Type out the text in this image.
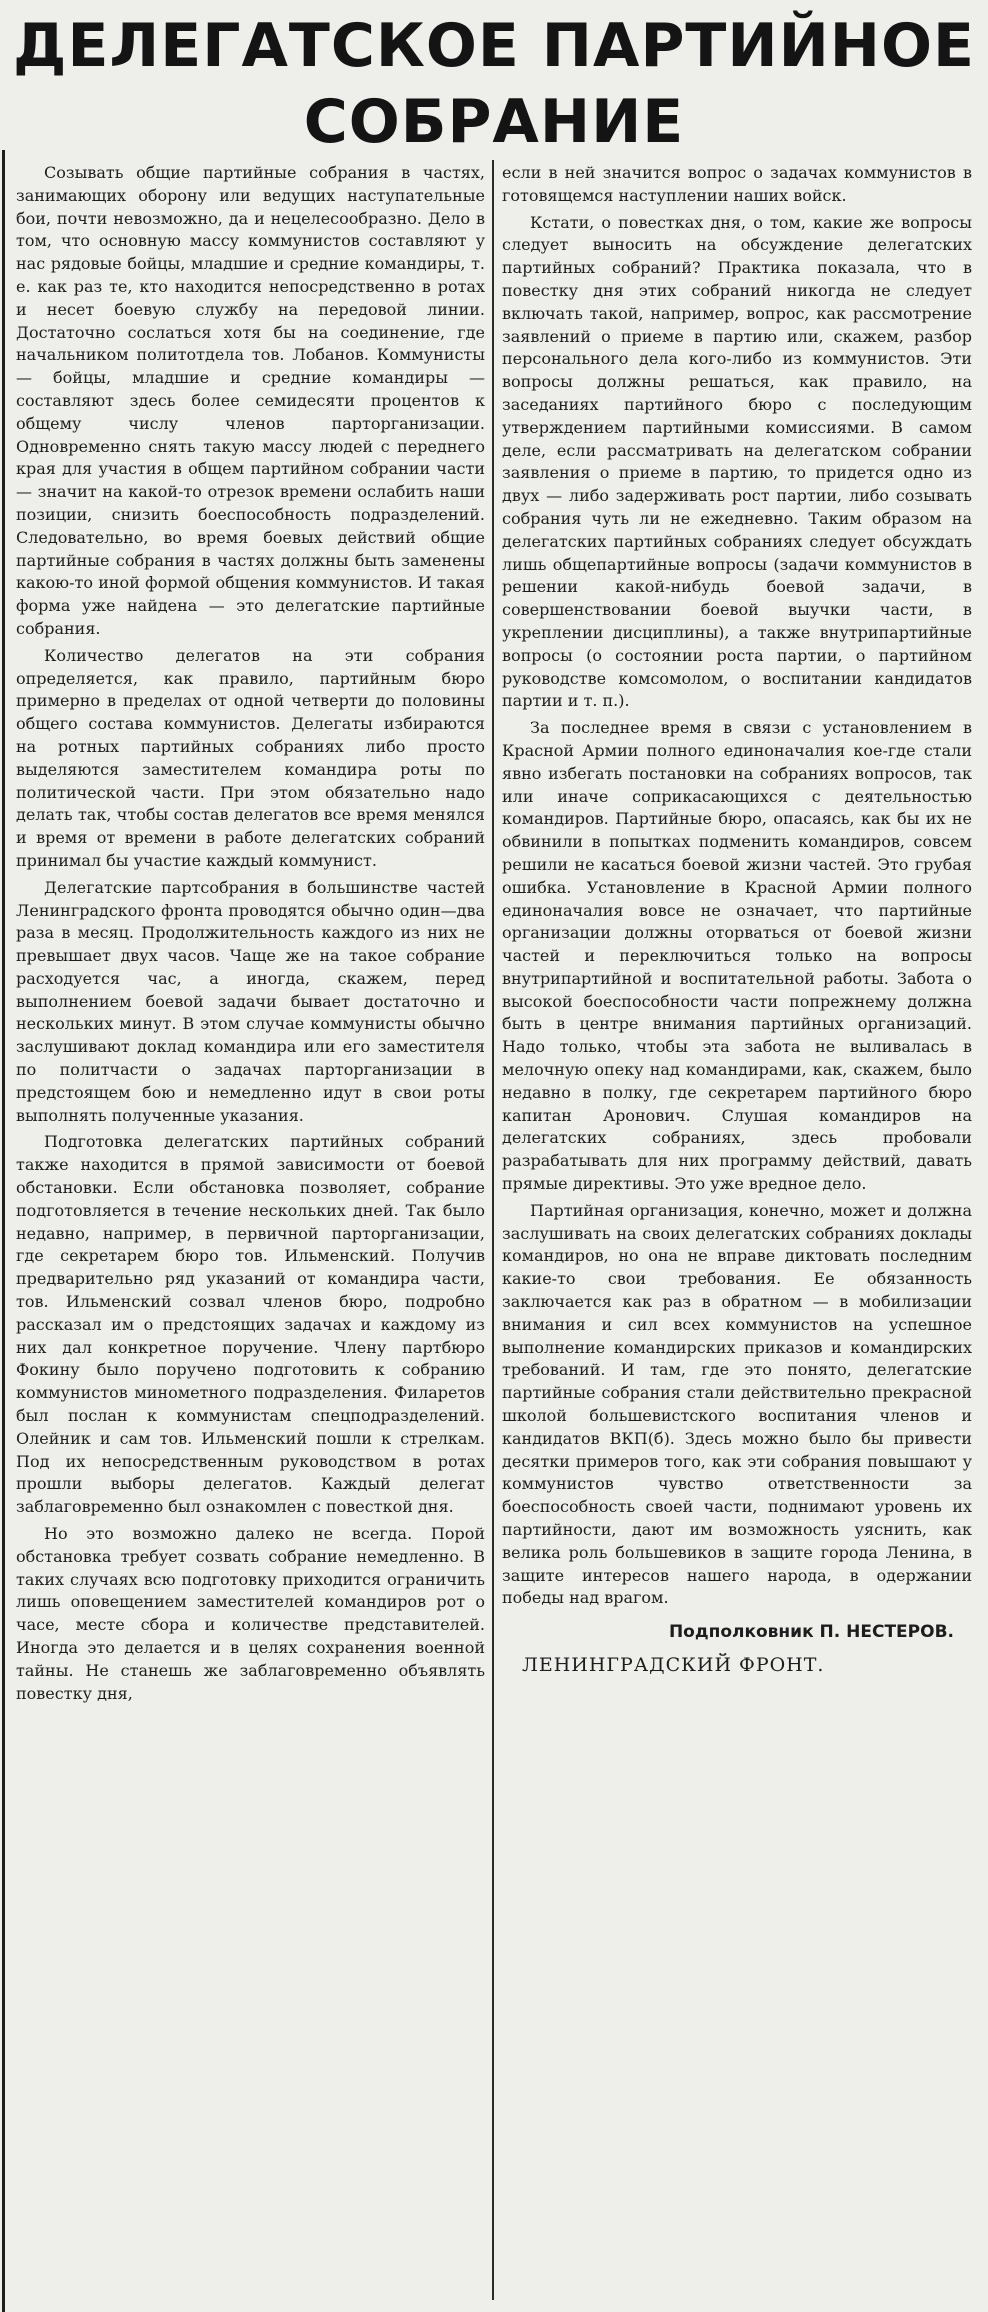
ДЕЛЕГАТСКОЕ ПАРТИЙНОЕ
СОБРАНИЕ

Созывать общие партийные собрания в частях, занимающих оборону или ведущих наступательные бои, почти невозможно, да и нецелесообразно. Дело в том, что основную массу коммунистов составляют у нас рядовые бойцы, младшие и средние командиры, т. е. как раз те, кто находится непосредственно в ротах и несет боевую службу на передовой линии. Достаточно сослаться хотя бы на соединение, где начальником политотдела тов. Лобанов. Коммунисты — бойцы, младшие и средние командиры — составляют здесь более семидесяти процентов к общему числу членов парторганизации. Одновременно снять такую массу людей с переднего края для участия в общем партийном собрании части — значит на какой-то отрезок времени ослабить наши позиции, снизить боеспособность подразделений. Следовательно, во время боевых действий общие партийные собрания в частях должны быть заменены какою-то иной формой общения коммунистов. И такая форма уже найдена — это делегатские партийные собрания.

Количество делегатов на эти собрания определяется, как правило, партийным бюро примерно в пределах от одной четверти до половины общего состава коммунистов. Делегаты избираются на ротных партийных собраниях либо просто выделяются заместителем командира роты по политической части. При этом обязательно надо делать так, чтобы состав делегатов все время менялся и время от времени в работе делегатских собраний принимал бы участие каждый коммунист.

Делегатские партсобрания в большинстве частей Ленинградского фронта проводятся обычно один—два раза в месяц. Продолжительность каждого из них не превышает двух часов. Чаще же на такое собрание расходуется час, а иногда, скажем, перед выполнением боевой задачи бывает достаточно и нескольких минут. В этом случае коммунисты обычно заслушивают доклад командира или его заместителя по политчасти о задачах парторганизации в предстоящем бою и немедленно идут в свои роты выполнять полученные указания.

Подготовка делегатских партийных собраний также находится в прямой зависимости от боевой обстановки. Если обстановка позволяет, собрание подготовляется в течение нескольких дней. Так было недавно, например, в первичной парторганизации, где секретарем бюро тов. Ильменский. Получив предварительно ряд указаний от командира части, тов. Ильменский созвал членов бюро, подробно рассказал им о предстоящих задачах и каждому из них дал конкретное поручение. Члену партбюро Фокину было поручено подготовить к собранию коммунистов минометного подразделения. Филаретов был послан к коммунистам спецподразделений. Олейник и сам тов. Ильменский пошли к стрелкам. Под их непосредственным руководством в ротах прошли выборы делегатов. Каждый делегат заблаговременно был ознакомлен с повесткой дня.

Но это возможно далеко не всегда. Порой обстановка требует созвать собрание немедленно. В таких случаях всю подготовку приходится ограничить лишь оповещением заместителей командиров рот о часе, месте сбора и количестве представителей. Иногда это делается и в целях сохранения военной тайны. Не станешь же заблаговременно объявлять повестку дня,

если в ней значится вопрос о задачах коммунистов в готовящемся наступлении наших войск.

Кстати, о повестках дня, о том, какие же вопросы следует выносить на обсуждение делегатских партийных собраний? Практика показала, что в повестку дня этих собраний никогда не следует включать такой, например, вопрос, как рассмотрение заявлений о приеме в партию или, скажем, разбор персонального дела кого-либо из коммунистов. Эти вопросы должны решаться, как правило, на заседаниях партийного бюро с последующим утверждением партийными комиссиями. В самом деле, если рассматривать на делегатском собрании заявления о приеме в партию, то придется одно из двух — либо задерживать рост партии, либо созывать собрания чуть ли не ежедневно. Таким образом на делегатских партийных собраниях следует обсуждать лишь общепартийные вопросы (задачи коммунистов в решении какой-нибудь боевой задачи, в совершенствовании боевой выучки части, в укреплении дисциплины), а также внутрипартийные вопросы (о состоянии роста партии, о партийном руководстве комсомолом, о воспитании кандидатов партии и т. п.).

За последнее время в связи с установлением в Красной Армии полного единоначалия кое-где стали явно избегать постановки на собраниях вопросов, так или иначе соприкасающихся с деятельностью командиров. Партийные бюро, опасаясь, как бы их не обвинили в попытках подменить командиров, совсем решили не касаться боевой жизни частей. Это грубая ошибка. Установление в Красной Армии полного единоначалия вовсе не означает, что партийные организации должны оторваться от боевой жизни частей и переключиться только на вопросы внутрипартийной и воспитательной работы. Забота о высокой боеспособности части попрежнему должна быть в центре внимания партийных организаций. Надо только, чтобы эта забота не выливалась в мелочную опеку над командирами, как, скажем, было недавно в полку, где секретарем партийного бюро капитан Аронович. Слушая командиров на делегатских собраниях, здесь пробовали разрабатывать для них программу действий, давать прямые директивы. Это уже вредное дело.

Партийная организация, конечно, может и должна заслушивать на своих делегатских собраниях доклады командиров, но она не вправе диктовать последним какие-то свои требования. Ее обязанность заключается как раз в обратном — в мобилизации внимания и сил всех коммунистов на успешное выполнение командирских приказов и командирских требований. И там, где это понято, делегатские партийные собрания стали действительно прекрасной школой большевистского воспитания членов и кандидатов ВКП(б). Здесь можно было бы привести десятки примеров того, как эти собрания повышают у коммунистов чувство ответственности за боеспособность своей части, поднимают уровень их партийности, дают им возможность уяснить, как велика роль большевиков в защите города Ленина, в защите интересов нашего народа, в одержании победы над врагом.

Подполковник П. НЕСТЕРОВ.
ЛЕНИНГРАДСКИЙ ФРОНТ.
